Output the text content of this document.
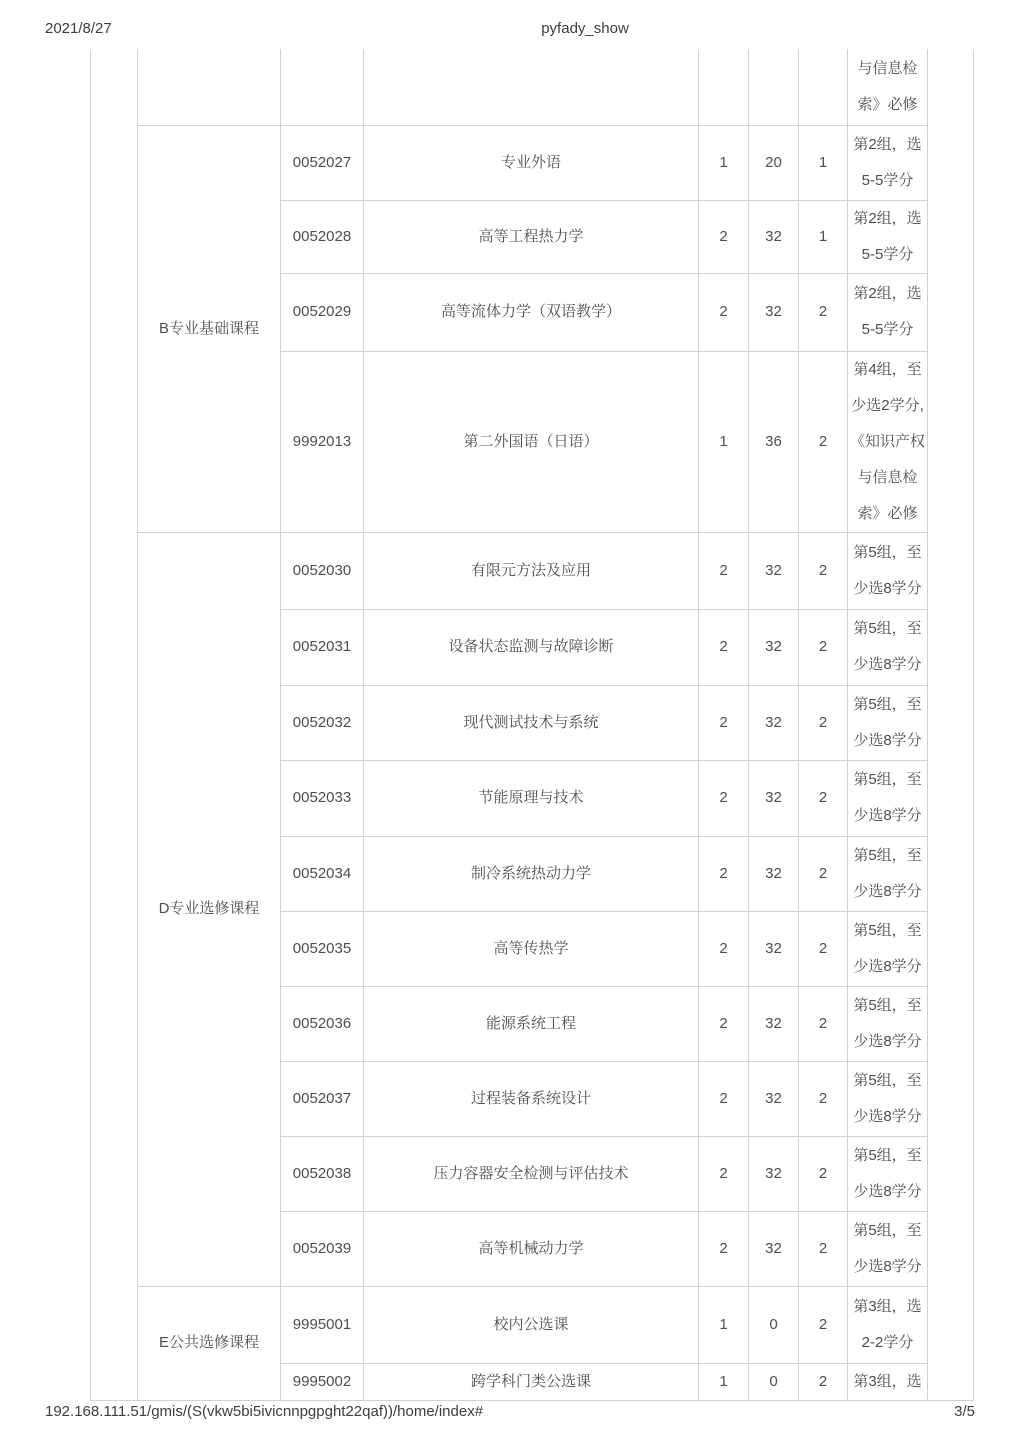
2021/8/27	pyfady_show
							与信息检索》必修	
	B专业基础课程	0052027	专业外语	1	20	1	第2组，选5-5学分	
		0052028	高等工程热力学	2	32	1	第2组，选5-5学分	
		0052029	高等流体力学（双语教学）	2	32	2	第2组，选5-5学分	
		9992013	第二外国语（日语）	1	36	2	第4组，至少选2学分,《知识产权与信息检索》必修	
	D专业选修课程	0052030	有限元方法及应用	2	32	2	第5组，至少选8学分	
		0052031	设备状态监测与故障诊断	2	32	2	第5组，至少选8学分	
		0052032	现代测试技术与系统	2	32	2	第5组，至少选8学分	
		0052033	节能原理与技术	2	32	2	第5组，至少选8学分	
		0052034	制冷系统热动力学	2	32	2	第5组，至少选8学分	
		0052035	高等传热学	2	32	2	第5组，至少选8学分	
		0052036	能源系统工程	2	32	2	第5组，至少选8学分	
		0052037	过程装备系统设计	2	32	2	第5组，至少选8学分	
		0052038	压力容器安全检测与评估技术	2	32	2	第5组，至少选8学分	
		0052039	高等机械动力学	2	32	2	第5组，至少选8学分	
	E公共选修课程	9995001	校内公选课	1	0	2	第3组，选2-2学分	
		9995002	跨学科门类公选课	1	0	2	第3组，选	
192.168.111.51/gmis/(S(vkw5bi5ivicnnpgpght22qaf))/home/index#	3/5
